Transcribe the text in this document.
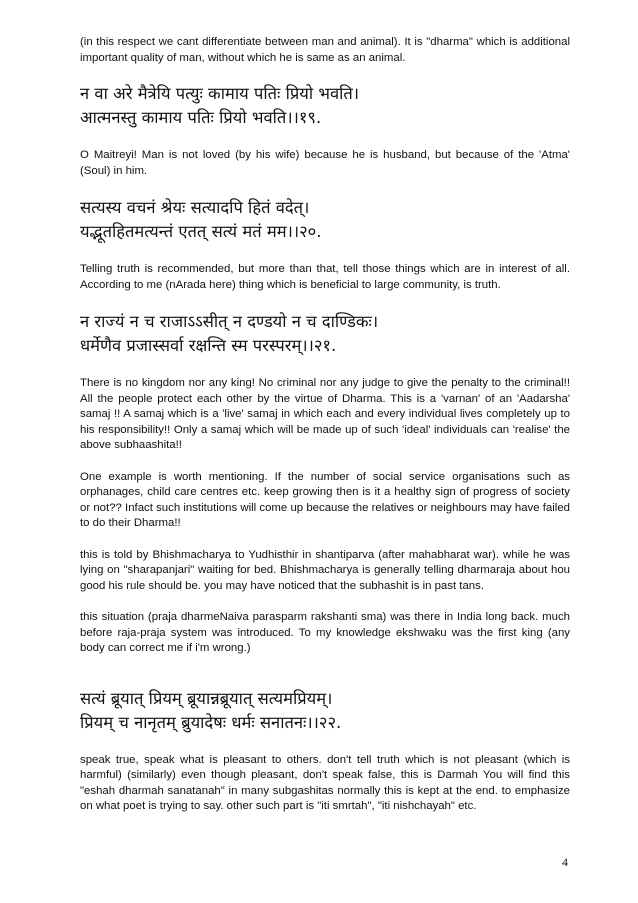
(in this respect we cant differentiate between man and animal). It is "dharma" which is additional important quality of man, without which he is same as an animal.

न वा अरे मैत्रेयि पत्युः कामाय पतिः प्रियो भवति।
आत्मनस्तु कामाय पतिः प्रियो भवति।।१९.

O Maitreyi! Man is not loved (by his wife) because he is husband, but because of the 'Atma' (Soul) in him.

सत्यस्य वचनं श्रेयः सत्यादपि हितं वदेत्।
यद्भूतहितमत्यन्तं एतत् सत्यं मतं मम।।२०.

Telling truth is recommended, but more than that, tell those things which are in interest of all. According to me (nArada here) thing which is beneficial to large community, is truth.

न राज्यं न च राजाऽऽसीत् न दण्डयो न च दाण्डिकः।
धर्मेणैव प्रजास्सर्वा रक्षन्ति स्म परस्परम्।।२१.

There is no kingdom nor any king! No criminal nor any judge to give the penalty to the criminal!! All the people protect each other by the virtue of Dharma. This is a 'varnan' of an 'Aadarsha' samaj !! A samaj which is a 'live' samaj in which each and every individual lives completely up to his responsibility!! Only a samaj which will be made up of such 'ideal' individuals can 'realise' the above subhaashita!!

One example is worth mentioning. If the number of social service organisations such as orphanages, child care centres etc. keep growing then is it a healthy sign of progress of society or not?? Infact such institutions will come up because the relatives or neighbours may have failed to do their Dharma!!

this is told by Bhishmacharya to Yudhisthir in shantiparva (after mahabharat war). while he was lying on "sharapanjari" waiting for bed. Bhishmacharya is generally telling dharmaraja about hou good his rule should be. you may have noticed that the subhashit is in past tans.

this situation (praja dharmeNaiva parasparm rakshanti sma) was there in India long back. much before raja-praja system was introduced. To my knowledge ekshwaku was the first king (any body can correct me if i'm wrong.)

सत्यं ब्रूयात् प्रियम् ब्रूयान्नब्रूयात् सत्यमप्रियम्।
प्रियम् च नानृतम् ब्रुयादेषः धर्मः सनातनः।।२२.

speak true, speak what is pleasant to others. don't tell truth which is not pleasant (which is harmful) (similarly) even though pleasant, don't speak false, this is Darmah You will find this "eshah dharmah sanatanah" in many subgashitas normally this is kept at the end. to emphasize on what poet is trying to say. other such part is "iti smrtah", "iti nishchayah" etc.

4
